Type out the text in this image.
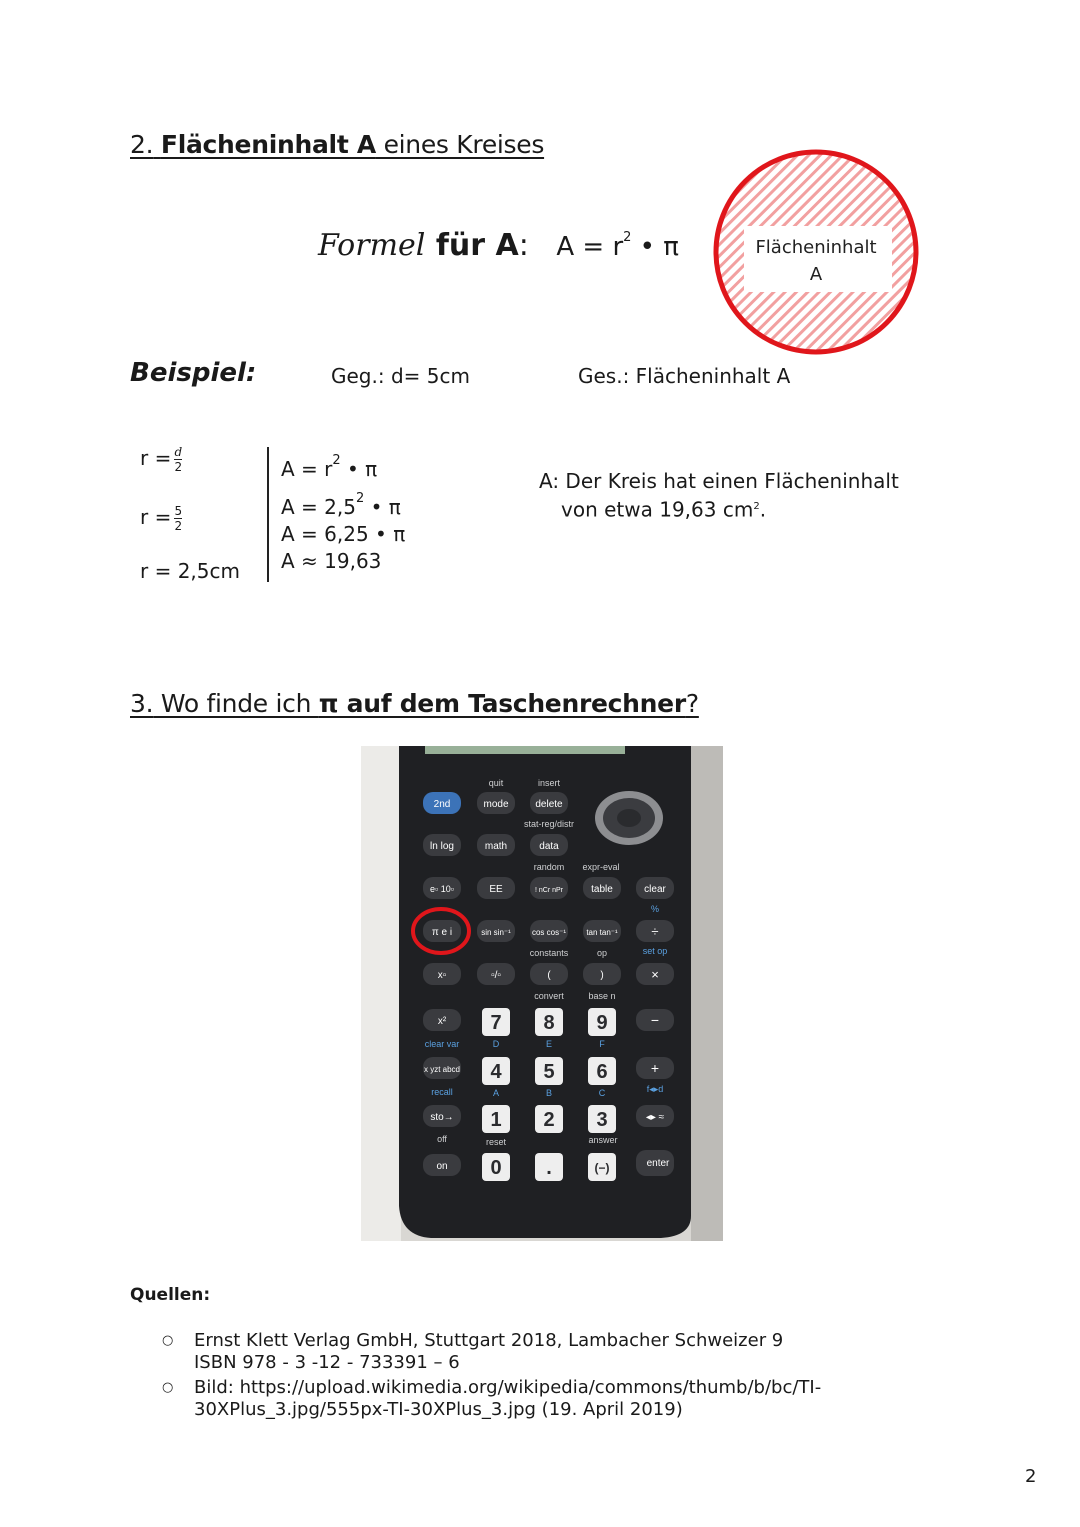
2. Flächeninhalt A eines Kreises
Formel für A: $A = r^2$ • π	Flächeninhalt
A
Beispiel:	Geg.: d= 5cm	Ges.: Flächeninhalt A
$r = \frac{d}{2}$
$r = \frac{5}{2}$
r = 2,5cm
$A = r^2$ • π
$A = 2,5^2$ • π
A = 6,25 • π
A ≈ 19,63
A: Der Kreis hat einen Flächeninhalt
von etwa 19,63 $cm^2$.
3. Wo finde ich π auf dem Taschenrechner?
quit	insert
stat-reg/distr
random expr-eval
%
set op
constants	op
convert	base n
clear var
recall
off	reset	answer
f◂▸d
2nd	mode	delete
ln log	math	data
e▫ 10▫	EE	! nCr nPr	table	clear
π e i	sin sin⁻¹	cos cos⁻¹	tan tan⁻¹	÷
x▫	▫/▫	(	)	×
x²	−
x yzt abcd	+
sto→	◂▸ ≈
on	enter
7 8 9
4 5 6
1 2 3
0 .	(−)
D	E	F
A	B	C
Quellen:
○	Ernst Klett Verlag GmbH, Stuttgart 2018, Lambacher Schweizer 9
ISBN 978 - 3 -12 - 733391 – 6
○	Bild: https://upload.wikimedia.org/wikipedia/commons/thumb/b/bc/TI-
30XPlus_3.jpg/555px-TI-30XPlus_3.jpg (19. April 2019)
2
